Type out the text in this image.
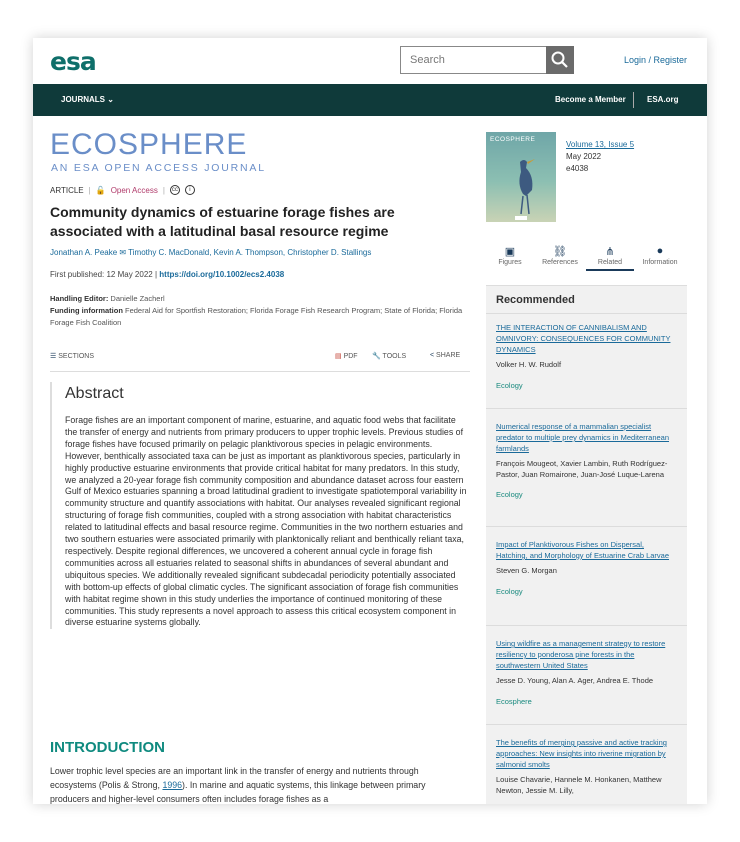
esa
Search	Login / Register
JOURNALS ⌄	Become a Member	ESA.org
ECOSPHERE
AN ESA OPEN ACCESS JOURNAL
ARTICLE | 🔓 Open Access |	cc	i
Community dynamics of estuarine forage fishes are associated with a latitudinal basal resource regime
Jonathan A. Peake ✉ Timothy C. MacDonald, Kevin A. Thompson, Christopher D. Stallings
First published: 12 May 2022 | https://doi.org/10.1002/ecs2.4038
Handling Editor: Danielle Zacherl
Funding information Federal Aid for Sportfish Restoration; Florida Forage Fish Research Program; State of Florida; Florida Forage Fish Coalition
☰ SECTIONS	▤ PDF 🔧 TOOLS	< SHARE
Abstract
Forage fishes are an important component of marine, estuarine, and aquatic food webs that facilitate the transfer of energy and nutrients from primary producers to upper trophic levels. Previous studies of forage fishes have focused primarily on pelagic planktivorous species in pelagic environments. However, benthically associated taxa can be just as important as planktivorous species, particularly in highly productive estuarine environments that provide critical habitat for many predators. In this study, we analyzed a 20-year forage fish community composition and abundance dataset across four eastern Gulf of Mexico estuaries spanning a broad latitudinal gradient to investigate spatiotemporal variability in community structure and quantify associations with habitat. Our analyses revealed significant regional structuring of forage fish communities, coupled with a strong association with habitat characteristics related to latitudinal effects and basal resource regime. Communities in the two northern estuaries and two southern estuaries were associated primarily with planktonically reliant and benthically reliant taxa, respectively. Despite regional differences, we uncovered a coherent annual cycle in forage fish communities across all estuaries related to seasonal shifts in abundances of several abundant and ubiquitous species. We additionally revealed significant subdecadal periodicity potentially associated with bottom-up effects of global climatic cycles. The significant association of forage fish communities with habitat regime shown in this study underlies the importance of continued monitoring of these communities. This study represents a novel approach to assess this critical ecosystem component in diverse estuarine systems globally.
INTRODUCTION
Lower trophic level species are an important link in the transfer of energy and nutrients through ecosystems (Polis & Strong, 1996). In marine and aquatic systems, this linkage between primary producers and higher-level consumers often includes forage fishes as a
ECOSPHERE
Volume 13, Issue 5
May 2022
e4038
▣
Figures
⛓
References
⋔
Related
●
Information
Recommended
THE INTERACTION OF CANNIBALISM AND OMNIVORY: CONSEQUENCES FOR COMMUNITY DYNAMICS
Volker H. W. Rudolf
Ecology
Numerical response of a mammalian specialist predator to multiple prey dynamics in Mediterranean farmlands
François Mougeot, Xavier Lambin, Ruth Rodríguez-Pastor, Juan Romairone, Juan-José Luque-Larena
Ecology
Impact of Planktivorous Fishes on Dispersal, Hatching, and Morphology of Estuarine Crab Larvae
Steven G. Morgan
Ecology
Using wildfire as a management strategy to restore resiliency to ponderosa pine forests in the southwestern United States
Jesse D. Young, Alan A. Ager, Andrea E. Thode
Ecosphere
The benefits of merging passive and active tracking approaches: New insights into riverine migration by salmonid smolts
Louise Chavarie, Hannele M. Honkanen, Matthew Newton, Jessie M. Lilly,
